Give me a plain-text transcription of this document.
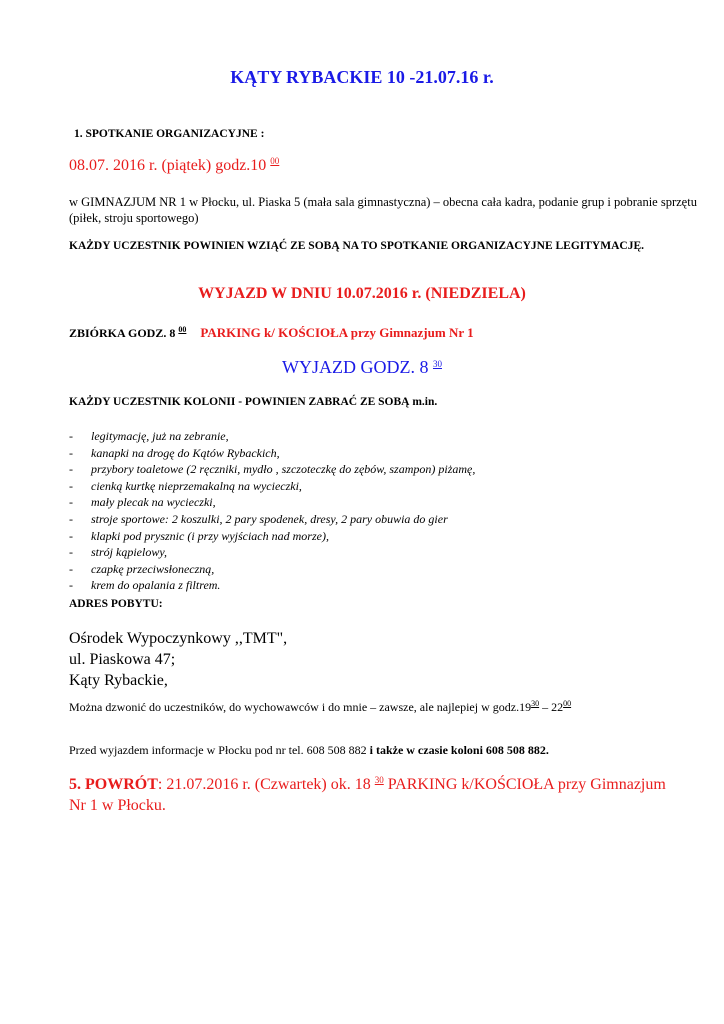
KĄTY RYBACKIE 10 -21.07.16 r.

1. SPOTKANIE ORGANIZACYJNE :

08.07. 2016 r. (piątek) godz.10 $^{00}$

w GIMNAZJUM NR 1 w Płocku, ul. Piaska 5 (mała sala gimnastyczna) – obecna cała kadra, podanie grup i pobranie sprzętu (piłek, stroju sportowego)

KAŻDY UCZESTNIK POWINIEN WZIĄĆ ZE SOBĄ NA TO SPOTKANIE ORGANIZACYJNE LEGITYMACJĘ.

WYJAZD W DNIU 10.07.2016 r. (NIEDZIELA)

ZBIÓRKA GODZ. 8 $^{00}$ PARKING k/ KOŚCIOŁA przy Gimnazjum Nr 1

WYJAZD GODZ. 8 $^{30}$

KAŻDY UCZESTNIK KOLONII - POWINIEN ZABRAĆ ZE SOBĄ m.in.

- legitymację, już na zebranie,
- kanapki na drogę do Kątów Rybackich,
- przybory toaletowe (2 ręczniki, mydło , szczoteczkę do zębów, szampon) piżamę,
- cienką kurtkę nieprzemakalną na wycieczki,
- mały plecak na wycieczki,
- stroje sportowe: 2 koszulki, 2 pary spodenek, dresy, 2 pary obuwia do gier
- klapki pod prysznic (i przy wyjściach nad morze),
- strój kąpielowy,
- czapkę przeciwsłoneczną,
- krem do opalania z filtrem.

ADRES POBYTU:

Ośrodek Wypoczynkowy ,,TMT",
ul. Piaskowa 47;
Kąty Rybackie,

Można dzwonić do uczestników, do wychowawców i do mnie – zawsze, ale najlepiej w $godz.19^{30} - 22^{00}$

Przed wyjazdem informacje w Płocku pod nr tel. 608 508 882 i także w czasie koloni 608 508 882.

5. POWRÓT: 21.07.2016 r. (Czwartek) ok. 18 $^{30}$ PARKING k/KOŚCIOŁA przy Gimnazjum Nr 1 w Płocku.
